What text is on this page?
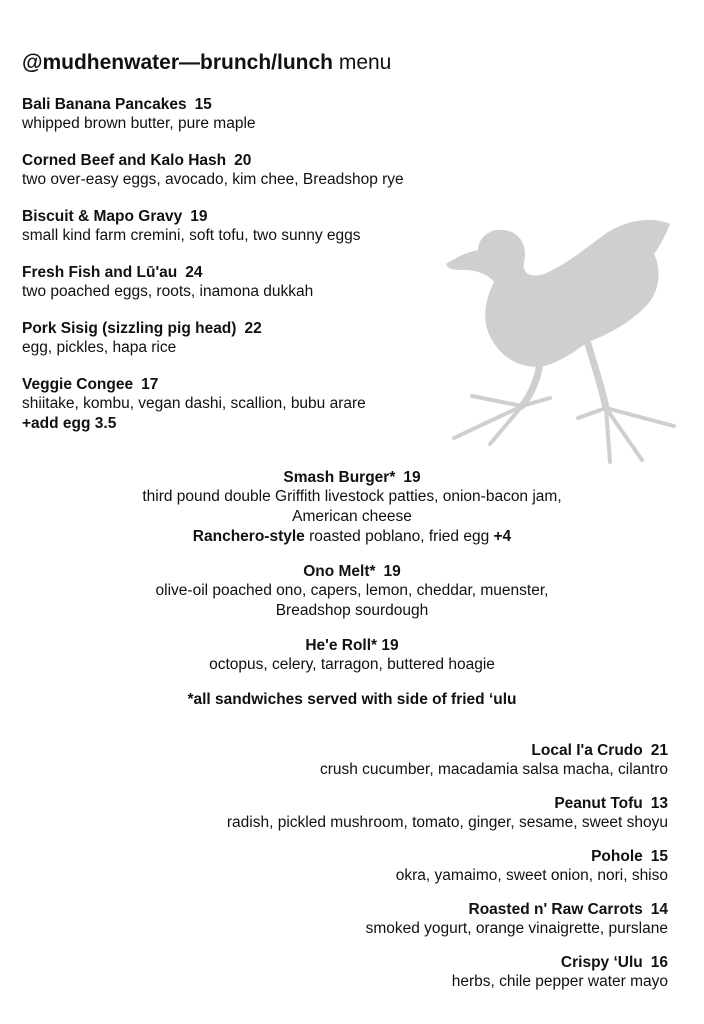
@mudhenwater—brunch/lunch menu
Bali Banana Pancakes 15
whipped brown butter, pure maple
Corned Beef and Kalo Hash 20
two over-easy eggs, avocado, kim chee, Breadshop rye
Biscuit & Mapo Gravy 19
small kind farm cremini, soft tofu, two sunny eggs
Fresh Fish and Lū'au 24
two poached eggs, roots, inamona dukkah
Pork Sisig (sizzling pig head) 22
egg, pickles, hapa rice
Veggie Congee 17
shiitake, kombu, vegan dashi, scallion, bubu arare
+add egg 3.5
Smash Burger* 19
third pound double Griffith livestock patties, onion-bacon jam,
American cheese
Ranchero-style roasted poblano, fried egg +4
Ono Melt* 19
olive-oil poached ono, capers, lemon, cheddar, muenster,
Breadshop sourdough
He'e Roll* 19
octopus, celery, tarragon, buttered hoagie
*all sandwiches served with side of fried ‘ulu
Local I'a Crudo 21
crush cucumber, macadamia salsa macha, cilantro
Peanut Tofu 13
radish, pickled mushroom, tomato, ginger, sesame, sweet shoyu
Pohole 15
okra, yamaimo, sweet onion, nori, shiso
Roasted n' Raw Carrots 14
smoked yogurt, orange vinaigrette, purslane
Crispy ‘Ulu 16
herbs, chile pepper water mayo
